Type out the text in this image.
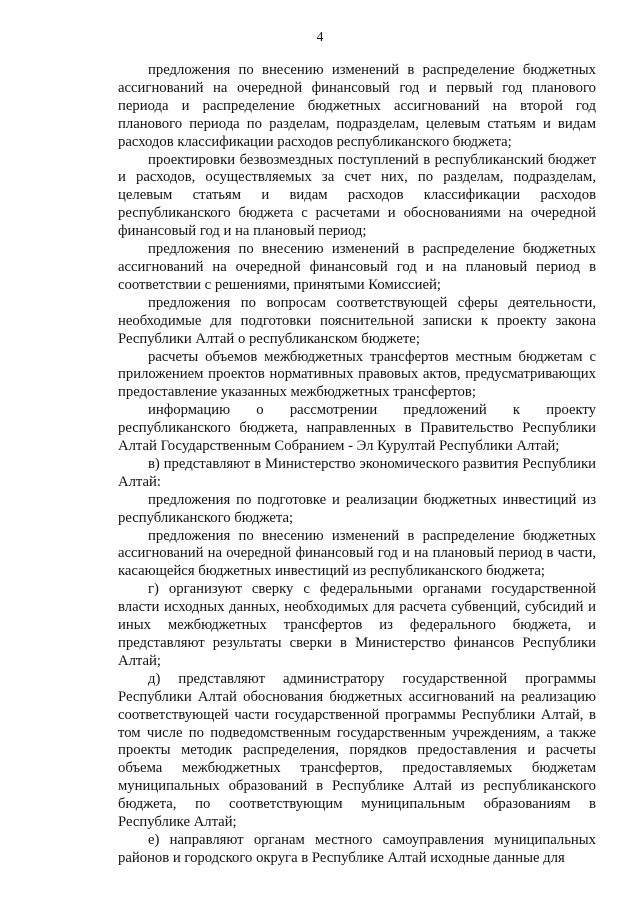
4

предложения по внесению изменений в распределение бюджетных ассигнований на очередной финансовый год и первый год планового периода и распределение бюджетных ассигнований на второй год планового периода по разделам, подразделам, целевым статьям и видам расходов классификации расходов республиканского бюджета;

проектировки безвозмездных поступлений в республиканский бюджет и расходов, осуществляемых за счет них, по разделам, подразделам, целевым статьям и видам расходов классификации расходов республиканского бюджета с расчетами и обоснованиями на очередной финансовый год и на плановый период;

предложения по внесению изменений в распределение бюджетных ассигнований на очередной финансовый год и на плановый период в соответствии с решениями, принятыми Комиссией;

предложения по вопросам соответствующей сферы деятельности, необходимые для подготовки пояснительной записки к проекту закона Республики Алтай о республиканском бюджете;

расчеты объемов межбюджетных трансфертов местным бюджетам с приложением проектов нормативных правовых актов, предусматривающих предоставление указанных межбюджетных трансфертов;

информацию о рассмотрении предложений к проекту республиканского бюджета, направленных в Правительство Республики Алтай Государственным Собранием - Эл Курултай Республики Алтай;

в) представляют в Министерство экономического развития Республики Алтай:

предложения по подготовке и реализации бюджетных инвестиций из республиканского бюджета;

предложения по внесению изменений в распределение бюджетных ассигнований на очередной финансовый год и на плановый период в части, касающейся бюджетных инвестиций из республиканского бюджета;

г) организуют сверку с федеральными органами государственной власти исходных данных, необходимых для расчета субвенций, субсидий и иных межбюджетных трансфертов из федерального бюджета, и представляют результаты сверки в Министерство финансов Республики Алтай;

д) представляют администратору государственной программы Республики Алтай обоснования бюджетных ассигнований на реализацию соответствующей части государственной программы Республики Алтай, в том числе по подведомственным государственным учреждениям, а также проекты методик распределения, порядков предоставления и расчеты объема межбюджетных трансфертов, предоставляемых бюджетам муниципальных образований в Республике Алтай из республиканского бюджета, по соответствующим муниципальным образованиям в Республике Алтай;

е) направляют органам местного самоуправления муниципальных районов и городского округа в Республике Алтай исходные данные для
